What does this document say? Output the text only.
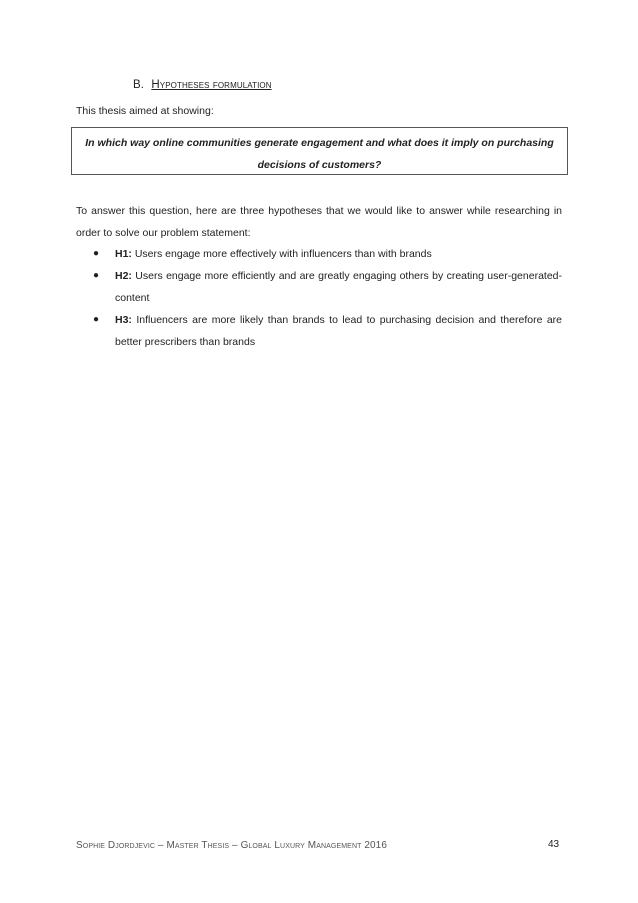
B. Hypotheses formulation
This thesis aimed at showing:

In which way online communities generate engagement and what does it imply on purchasing decisions of customers?

To answer this question, here are three hypotheses that we would like to answer while researching in order to solve our problem statement:

● H1: Users engage more effectively with influencers than with brands
● H2: Users engage more efficiently and are greatly engaging others by creating user-generated-content
● H3: Influencers are more likely than brands to lead to purchasing decision and therefore are better prescribers than brands
Sophie Djordjevic – Master Thesis – Global Luxury Management 2016	43
